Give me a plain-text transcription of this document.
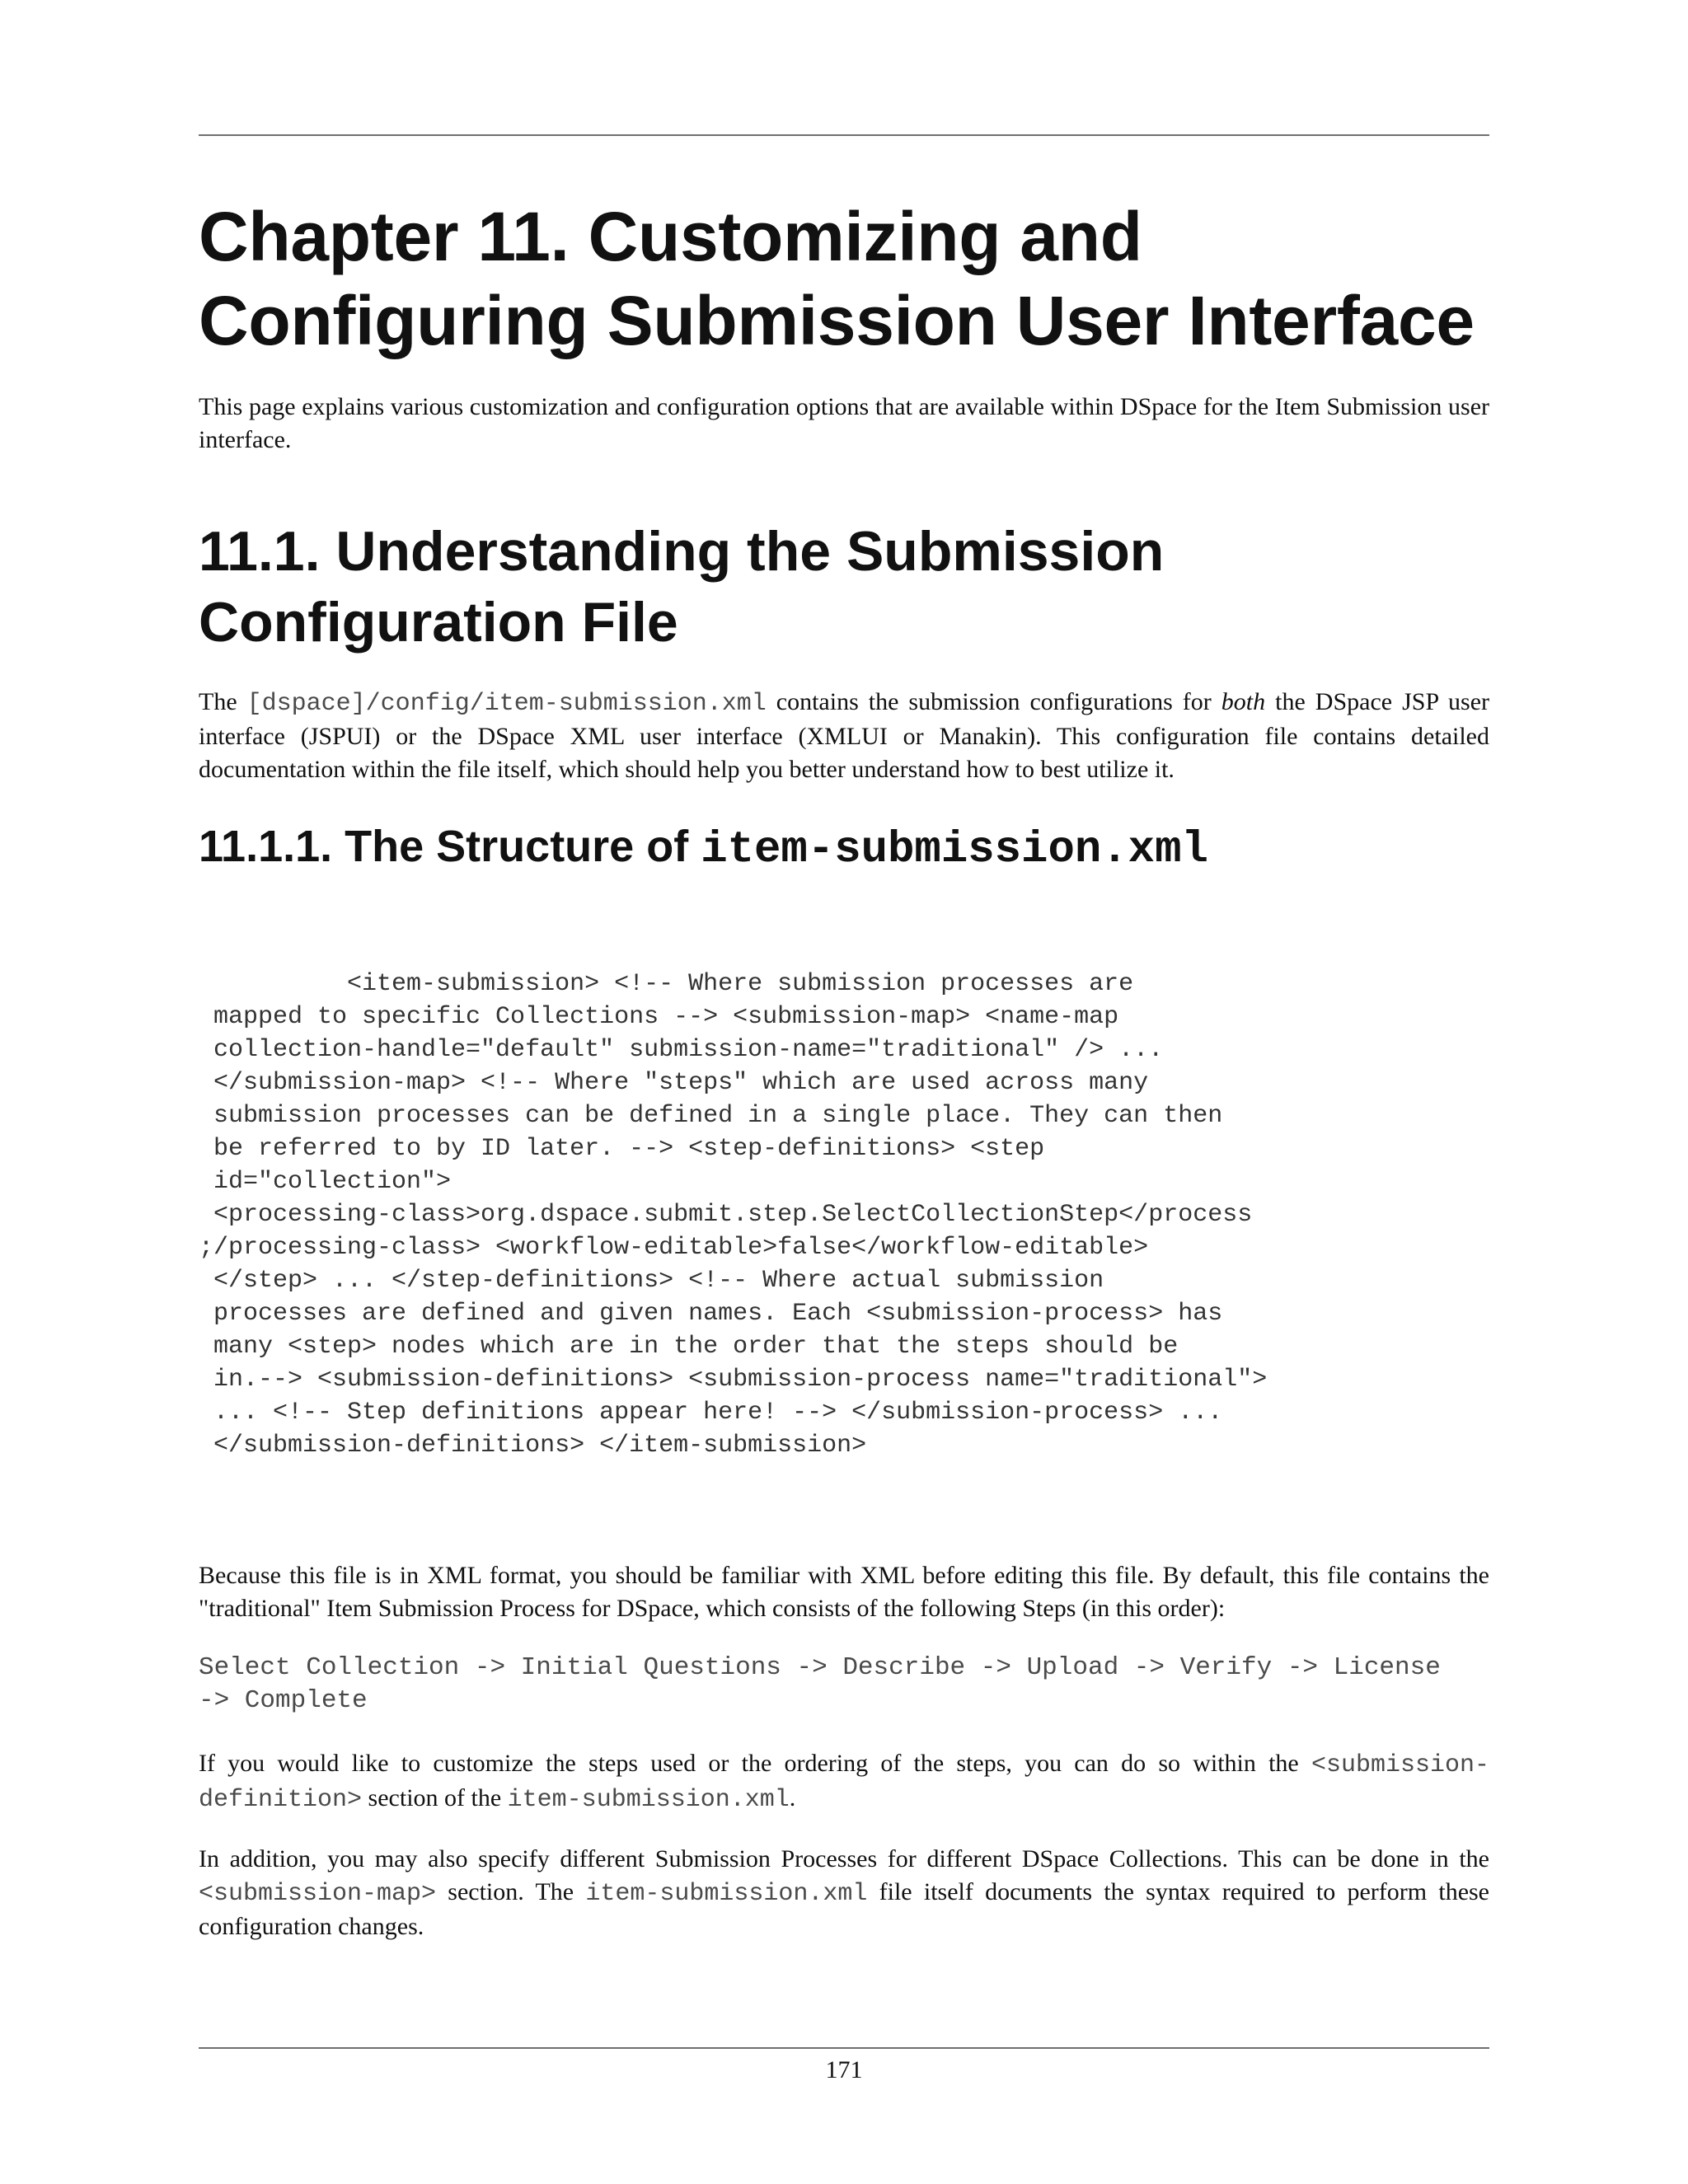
Chapter 11. Customizing and
Configuring Submission User Interface

This page explains various customization and configuration options that are available within DSpace for the Item Submission user interface.

11.1. Understanding the Submission
Configuration File

The [dspace]/config/item-submission.xml contains the submission configurations for both the DSpace JSP user interface (JSPUI) or the DSpace XML user interface (XMLUI or Manakin). This configuration file contains detailed documentation within the file itself, which should help you better understand how to best utilize it.

11.1.1. The Structure of item-submission.xml
<item-submission> <!-- Where submission processes are
mapped to specific Collections --> <submission-map> <name-map
collection-handle="default" submission-name="traditional" /> ...
</submission-map> <!-- Where "steps" which are used across many
submission processes can be defined in a single place. They can then
be referred to by ID later. --> <step-definitions> <step
id="collection">
<processing-class>org.dspace.submit.step.SelectCollectionStep</process
;/processing-class> <workflow-editable>false</workflow-editable>
</step> ... </step-definitions> <!-- Where actual submission
processes are defined and given names. Each <submission-process> has
many <step> nodes which are in the order that the steps should be
in.--> <submission-definitions> <submission-process name="traditional">
... <!-- Step definitions appear here! --> </submission-process> ...
</submission-definitions> </item-submission>

Because this file is in XML format, you should be familiar with XML before editing this file. By default, this file contains the "traditional" Item Submission Process for DSpace, which consists of the following Steps (in this order):

Select Collection -> Initial Questions -> Describe -> Upload -> Verify -> License
-> Complete

If you would like to customize the steps used or the ordering of the steps, you can do so within the <submission-definition> section of the item-submission.xml.

In addition, you may also specify different Submission Processes for different DSpace Collections. This can be done in the <submission-map> section. The item-submission.xml file itself documents the syntax required to perform these configuration changes.

171
